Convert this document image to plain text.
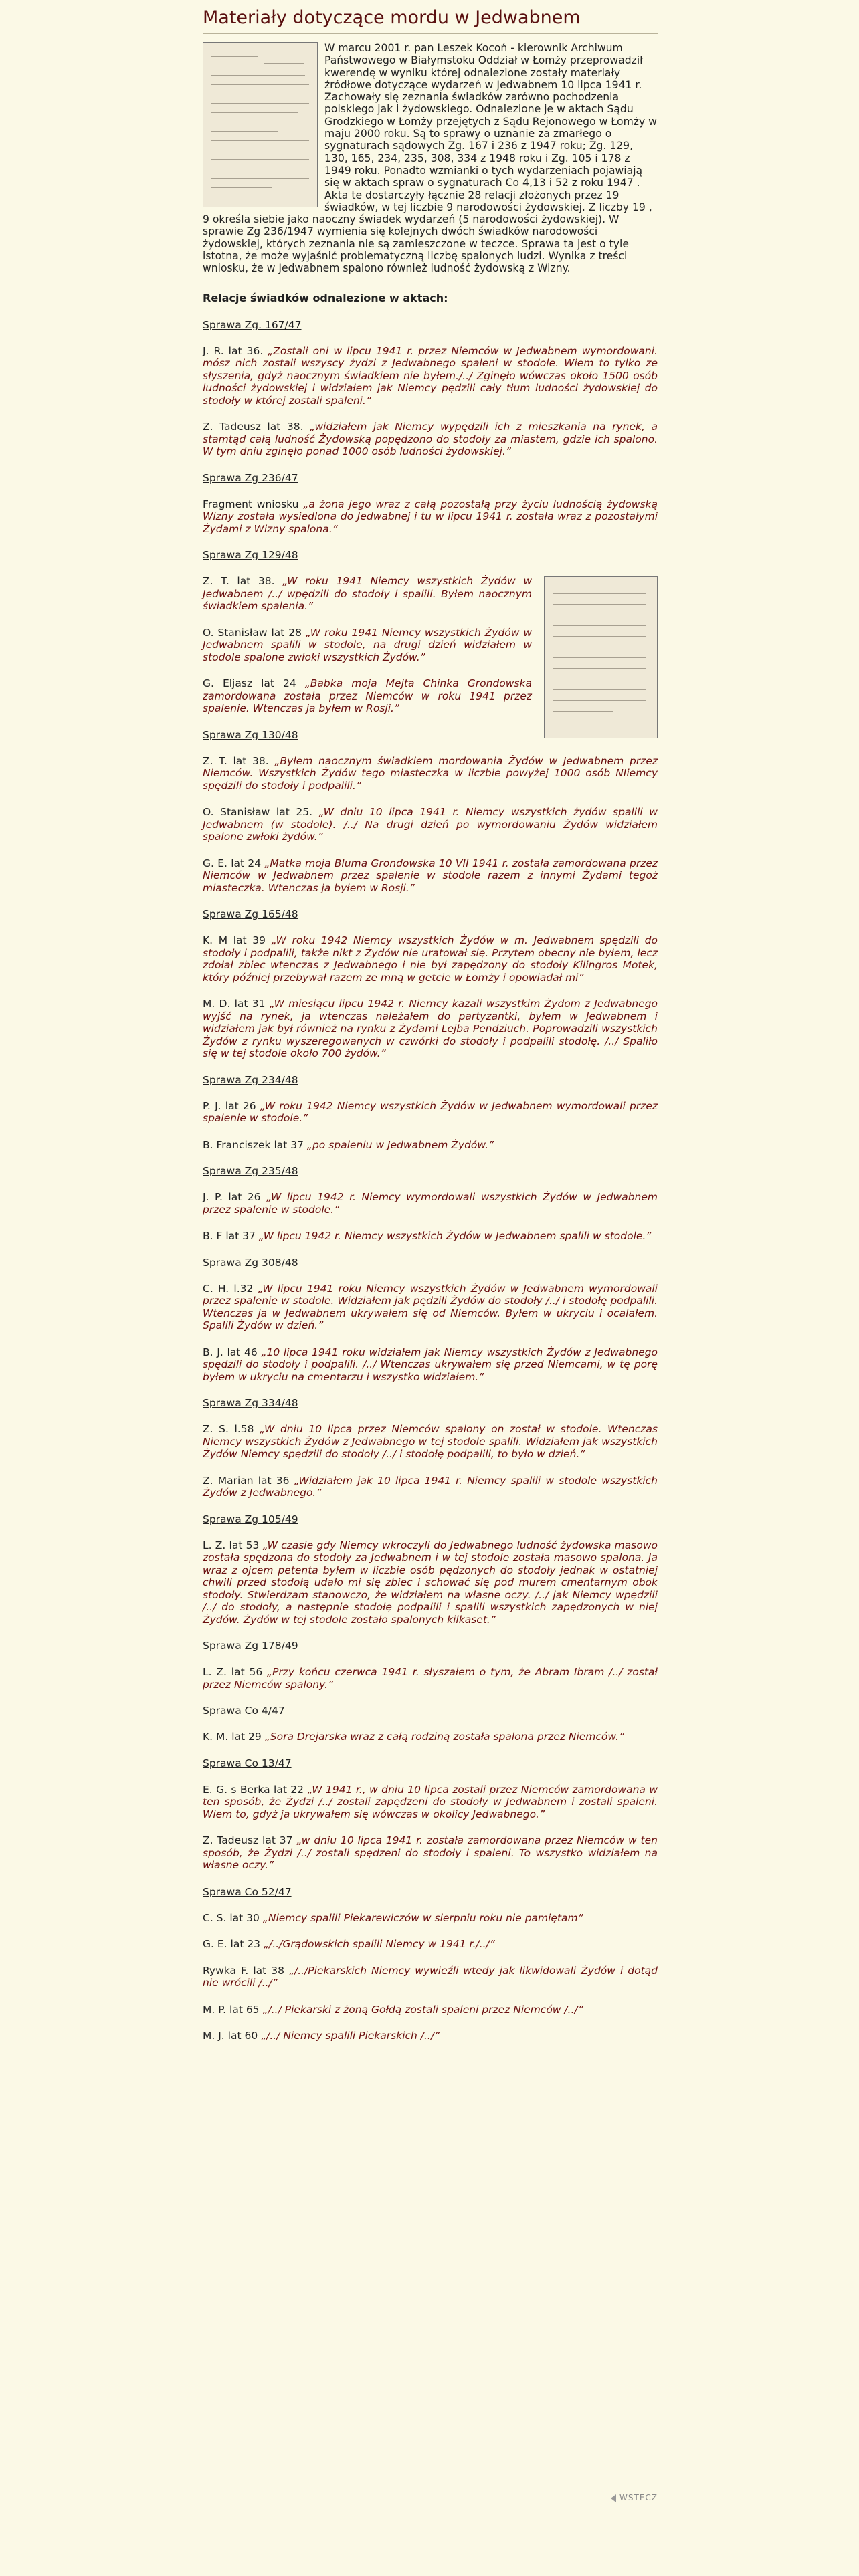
Materiały dotyczące mordu w Jedwabnem
W marcu 2001 r. pan Leszek Kocoń - kierownik Archiwum Państwowego w Białymstoku Oddział w Łomży przeprowadził kwerendę w wyniku której odnalezione zostały materiały źródłowe dotyczące wydarzeń w Jedwabnem 10 lipca 1941 r. Zachowały się zeznania świadków zarówno pochodzenia polskiego jak i żydowskiego. Odnalezione je w aktach Sądu Grodzkiego w Łomży przejętych z Sądu Rejonowego w Łomży w maju 2000 roku. Są to sprawy o uznanie za zmarłego o sygnaturach sądowych Zg. 167 i 236 z 1947 roku; Zg. 129, 130, 165, 234, 235, 308, 334 z 1948 roku i Zg. 105 i 178 z 1949 roku. Ponadto wzmianki o tych wydarzeniach pojawiają się w aktach spraw o sygnaturach Co 4,13 i 52 z roku 1947 . Akta te dostarczyły łącznie 28 relacji złożonych przez 19 świadków, w tej liczbie 9 narodowości żydowskiej. Z liczby 19 , 9 określa siebie jako naoczny świadek wydarzeń (5 narodowości żydowskiej). W sprawie Zg 236/1947 wymienia się kolejnych dwóch świadków narodowości żydowskiej, których zeznania nie są zamieszczone w teczce. Sprawa ta jest o tyle istotna, że może wyjaśnić problematyczną liczbę spalonych ludzi. Wynika z treści wniosku, że w Jedwabnem spalono również ludność żydowską z Wizny.
Relacje świadków odnalezione w aktach:
Sprawa Zg. 167/47

J. R. lat 36. „Zostali oni w lipcu 1941 r. przez Niemców w Jedwabnem wymordowani. mósz nich zostali wszyscy żydzi z Jedwabnego spaleni w stodole. Wiem to tylko ze słyszenia, gdyż naocznym świadkiem nie byłem./../ Zginęło wówczas około 1500 osób ludności żydowskiej i widziałem jak Niemcy pędzili cały tłum ludności żydowskiej do stodoły w której zostali spaleni.”

Z. Tadeusz lat 38. „widziałem jak Niemcy wypędzili ich z mieszkania na rynek, a stamtąd całą ludność Żydowską popędzono do stodoły za miastem, gdzie ich spalono. W tym dniu zginęło ponad 1000 osób ludności żydowskiej.”

Sprawa Zg 236/47

Fragment wniosku „a żona jego wraz z całą pozostałą przy życiu ludnością żydowską Wizny została wysiedlona do Jedwabnej i tu w lipcu 1941 r. została wraz z pozostałymi Żydami z Wizny spalona.”

Sprawa Zg 129/48

Z. T. lat 38. „W roku 1941 Niemcy wszystkich Żydów w Jedwabnem /../ wpędzili do stodoły i spalili. Byłem naocznym świadkiem spalenia.”

O. Stanisław lat 28 „W roku 1941 Niemcy wszystkich Żydów w Jedwabnem spalili w stodole, na drugi dzień widziałem w stodole spalone zwłoki wszystkich Żydów.”

G. Eljasz lat 24 „Babka moja Mejta Chinka Grondowska zamordowana została przez Niemców w roku 1941 przez spalenie. Wtenczas ja byłem w Rosji.”

Sprawa Zg 130/48

Z. T. lat 38. „Byłem naocznym świadkiem mordowania Żydów w Jedwabnem przez Niemców. Wszystkich Żydów tego miasteczka w liczbie powyżej 1000 osób NIiemcy spędzili do stodoły i podpalili.”

O. Stanisław lat 25. „W dniu 10 lipca 1941 r. Niemcy wszystkich żydów spalili w Jedwabnem (w stodole). /../ Na drugi dzień po wymordowaniu Żydów widziałem spalone zwłoki żydów.”

G. E. lat 24 „Matka moja Bluma Grondowska 10 VII 1941 r. została zamordowana przez Niemców w Jedwabnem przez spalenie w stodole razem z innymi Żydami tegoż miasteczka. Wtenczas ja byłem w Rosji.”

Sprawa Zg 165/48

K. M lat 39 „W roku 1942 Niemcy wszystkich Żydów w m. Jedwabnem spędzili do stodoły i podpalili, także nikt z Żydów nie uratował się. Przytem obecny nie byłem, lecz zdołał zbiec wtenczas z Jedwabnego i nie był zapędzony do stodoły Kilingros Motek, który później przebywał razem ze mną w getcie w Łomży i opowiadał mi”

M. D. lat 31 „W miesiącu lipcu 1942 r. Niemcy kazali wszystkim Żydom z Jedwabnego wyjść na rynek, ja wtenczas należałem do partyzantki, byłem w Jedwabnem i widziałem jak był również na rynku z Żydami Lejba Pendziuch. Poprowadzili wszystkich Żydów z rynku wyszeregowanych w czwórki do stodoły i podpalili stodołę. /../ Spaliło się w tej stodole około 700 żydów.”

Sprawa Zg 234/48

P. J. lat 26 „W roku 1942 Niemcy wszystkich Żydów w Jedwabnem wymordowali przez spalenie w stodole.”

B. Franciszek lat 37 „po spaleniu w Jedwabnem Żydów.”

Sprawa Zg 235/48

J. P. lat 26 „W lipcu 1942 r. Niemcy wymordowali wszystkich Żydów w Jedwabnem przez spalenie w stodole.”

B. F lat 37 „W lipcu 1942 r. Niemcy wszystkich Żydów w Jedwabnem spalili w stodole.”

Sprawa Zg 308/48

C. H. l.32 „W lipcu 1941 roku Niemcy wszystkich Żydów w Jedwabnem wymordowali przez spalenie w stodole. Widziałem jak pędzili Żydów do stodoły /../ i stodołę podpalili. Wtenczas ja w Jedwabnem ukrywałem się od Niemców. Byłem w ukryciu i ocalałem. Spalili Żydów w dzień.”

B. J. lat 46 „10 lipca 1941 roku widziałem jak Niemcy wszystkich Żydów z Jedwabnego spędzili do stodoły i podpalili. /../ Wtenczas ukrywałem się przed Niemcami, w tę porę byłem w ukryciu na cmentarzu i wszystko widziałem.”

Sprawa Zg 334/48

Z. S. l.58 „W dniu 10 lipca przez Niemców spalony on został w stodole. Wtenczas Niemcy wszystkich Żydów z Jedwabnego w tej stodole spalili. Widziałem jak wszystkich Żydów Niemcy spędzili do stodoły /../ i stodołę podpalili, to było w dzień.”

Z. Marian lat 36 „Widziałem jak 10 lipca 1941 r. Niemcy spalili w stodole wszystkich Żydów z Jedwabnego.”

Sprawa Zg 105/49

L. Z. lat 53 „W czasie gdy Niemcy wkroczyli do Jedwabnego ludność żydowska masowo została spędzona do stodoły za Jedwabnem i w tej stodole została masowo spalona. Ja wraz z ojcem petenta byłem w liczbie osób pędzonych do stodoły jednak w ostatniej chwili przed stodołą udało mi się zbiec i schować się pod murem cmentarnym obok stodoły. Stwierdzam stanowczo, że widziałem na własne oczy. /../ jak Niemcy wpędzili /../ do stodoły, a następnie stodołę podpalili i spalili wszystkich zapędzonych w niej Żydów. Żydów w tej stodole zostało spalonych kilkaset.”

Sprawa Zg 178/49

L. Z. lat 56 „Przy końcu czerwca 1941 r. słyszałem o tym, że Abram Ibram /../ został przez Niemców spalony.”

Sprawa Co 4/47

K. M. lat 29 „Sora Drejarska wraz z całą rodziną została spalona przez Niemców.”

Sprawa Co 13/47

E. G. s Berka lat 22 „W 1941 r., w dniu 10 lipca zostali przez Niemców zamordowana w ten sposób, że Żydzi /../ zostali zapędzeni do stodoły w Jedwabnem i zostali spaleni. Wiem to, gdyż ja ukrywałem się wówczas w okolicy Jedwabnego.”

Z. Tadeusz lat 37 „w dniu 10 lipca 1941 r. została zamordowana przez Niemców w ten sposób, że Żydzi /../ zostali spędzeni do stodoły i spaleni. To wszystko widziałem na własne oczy.”

Sprawa Co 52/47

C. S. lat 30 „Niemcy spalili Piekarewiczów w sierpniu roku nie pamiętam”

G. E. lat 23 „/../Grądowskich spalili Niemcy w 1941 r./../”

Rywka F. lat 38 „/../Piekarskich Niemcy wywieźli wtedy jak likwidowali Żydów i dotąd nie wrócili /../”

M. P. lat 65 „/../ Piekarski z żoną Gołdą zostali spaleni przez Niemców /../”

M. J. lat 60 „/../ Niemcy spalili Piekarskich /../”

WSTECZ
